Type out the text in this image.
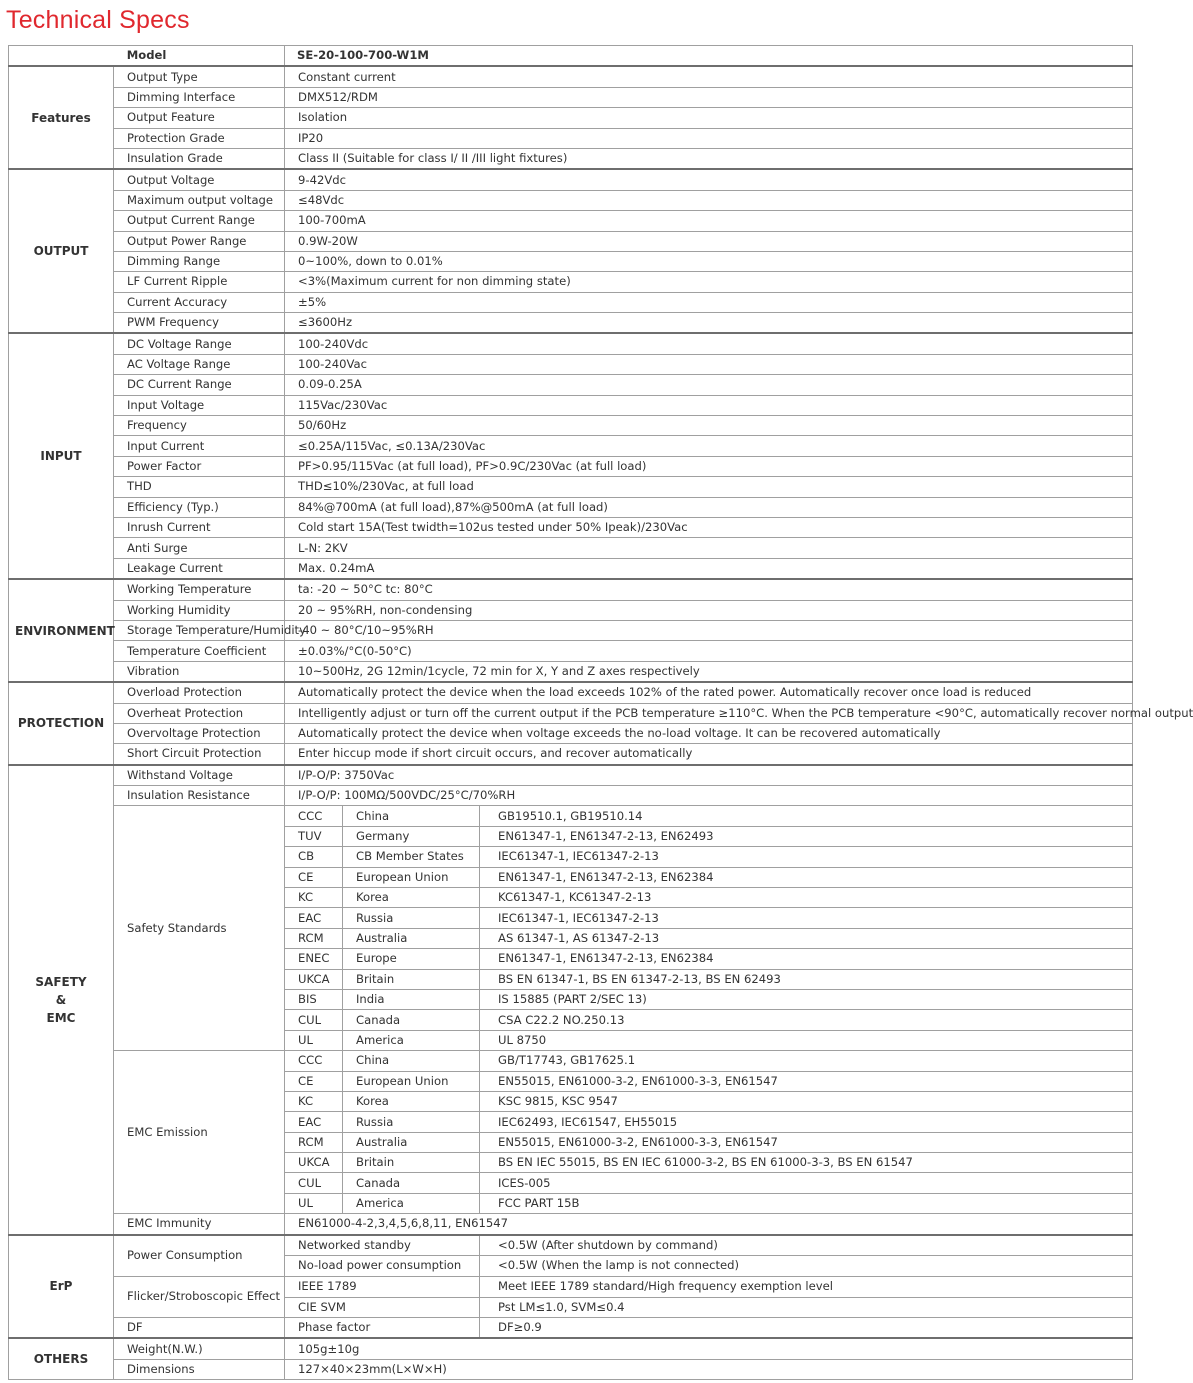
Technical Specs
Model		SE-20-100-700-W1M		
Features	Output Type	Constant current		
	Dimming Interface	DMX512/RDM		
	Output Feature	Isolation		
	Protection Grade	IP20		
	Insulation Grade	Class II (Suitable for class I/ II /III light fixtures)		
OUTPUT	Output Voltage	9-42Vdc		
	Maximum output voltage	≤48Vdc		
	Output Current Range	100-700mA		
	Output Power Range	0.9W-20W		
	Dimming Range	0~100%, down to 0.01%		
	LF Current Ripple	<3%(Maximum current for non dimming state)		
	Current Accuracy	±5%		
	PWM Frequency	≤3600Hz		
INPUT	DC Voltage Range	100-240Vdc		
	AC Voltage Range	100-240Vac		
	DC Current Range	0.09-0.25A		
	Input Voltage	115Vac/230Vac		
	Frequency	50/60Hz		
	Input Current	≤0.25A/115Vac, ≤0.13A/230Vac		
	Power Factor	PF>0.95/115Vac (at full load), PF>0.9C/230Vac (at full load)		
	THD	THD≤10%/230Vac, at full load		
	Efficiency (Typ.)	84%@700mA (at full load),87%@500mA (at full load)		
	Inrush Current	Cold start 15A(Test twidth=102us tested under 50% Ipeak)/230Vac		
	Anti Surge	L-N: 2KV		
	Leakage Current	Max. 0.24mA		
ENVIRONMENT	Working Temperature	ta: -20 ~ 50°C tc: 80°C		
	Working Humidity	20 ~ 95%RH, non-condensing		
	Storage Temperature/Humidity	-40 ~ 80°C/10~95%RH		
	Temperature Coefficient	±0.03%/°C(0-50°C)		
	Vibration	10~500Hz, 2G 12min/1cycle, 72 min for X, Y and Z axes respectively		
PROTECTION	Overload Protection	Automatically protect the device when the load exceeds 102% of the rated power. Automatically recover once load is reduced		
	Overheat Protection	Intelligently adjust or turn off the current output if the PCB temperature ≥110°C. When the PCB temperature <90°C, automatically recover normal output		
	Overvoltage Protection	Automatically protect the device when voltage exceeds the no-load voltage. It can be recovered automatically		
	Short Circuit Protection	Enter hiccup mode if short circuit occurs, and recover automatically		
SAFETY
&
EMC	Withstand Voltage	I/P-O/P: 3750Vac		
	Insulation Resistance	I/P-O/P: 100MΩ/500VDC/25°C/70%RH		
	Safety Standards	CCC	China	GB19510.1, GB19510.14
		TUV	Germany	EN61347-1, EN61347-2-13, EN62493
		CB	CB Member States	IEC61347-1, IEC61347-2-13
		CE	European Union	EN61347-1, EN61347-2-13, EN62384
		KC	Korea	KC61347-1, KC61347-2-13
		EAC	Russia	IEC61347-1, IEC61347-2-13
		RCM	Australia	AS 61347-1, AS 61347-2-13
		ENEC	Europe	EN61347-1, EN61347-2-13, EN62384
		UKCA	Britain	BS EN 61347-1, BS EN 61347-2-13, BS EN 62493
		BIS	India	IS 15885 (PART 2/SEC 13)
		CUL	Canada	CSA C22.2 NO.250.13
		UL	America	UL 8750
	EMC Emission	CCC	China	GB/T17743, GB17625.1
		CE	European Union	EN55015, EN61000-3-2, EN61000-3-3, EN61547
		KC	Korea	KSC 9815, KSC 9547
		EAC	Russia	IEC62493, IEC61547, EH55015
		RCM	Australia	EN55015, EN61000-3-2, EN61000-3-3, EN61547
		UKCA	Britain	BS EN IEC 55015, BS EN IEC 61000-3-2, BS EN 61000-3-3, BS EN 61547
		CUL	Canada	ICES-005
		UL	America	FCC PART 15B
	EMC Immunity	EN61000-4-2,3,4,5,6,8,11, EN61547		
ErP	Power Consumption	Networked standby		<0.5W (After shutdown by command)
		No-load power consumption		<0.5W (When the lamp is not connected)
	Flicker/Stroboscopic Effect	IEEE 1789		Meet IEEE 1789 standard/High frequency exemption level
		CIE SVM		Pst LM≤1.0, SVM≤0.4
	DF	Phase factor		DF≥0.9
OTHERS	Weight(N.W.)	105g±10g		
	Dimensions	127×40×23mm(L×W×H)		
